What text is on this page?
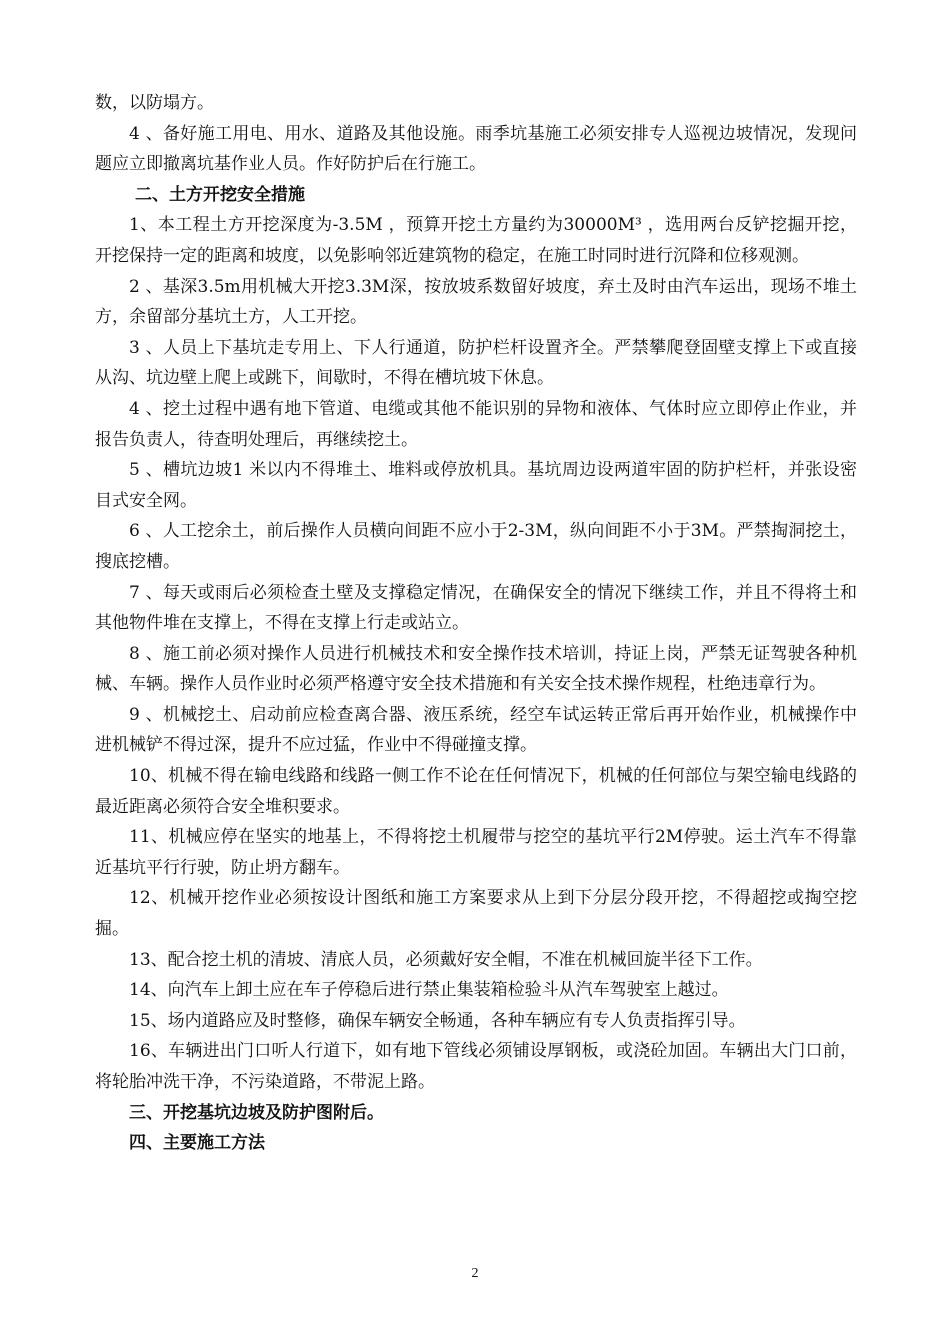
数，以防塌方。

4 、备好施工用电、用水、道路及其他设施。雨季坑基施工必须安排专人巡视边坡情况，发现问题应立即撤离坑基作业人员。作好防护后在行施工。

二、土方开挖安全措施

1、本工程土方开挖深度为-3.5M ，预算开挖土方量约为30000M³ ，选用两台反铲挖掘开挖，开挖保持一定的距离和坡度，以免影响邻近建筑物的稳定，在施工时同时进行沉降和位移观测。

2 、基深3.5m用机械大开挖3.3M深，按放坡系数留好坡度，弃土及时由汽车运出，现场不堆土方，余留部分基坑土方，人工开挖。

3 、人员上下基坑走专用上、下人行通道，防护栏杆设置齐全。严禁攀爬登固壁支撑上下或直接从沟、坑边壁上爬上或跳下，间歇时，不得在槽坑坡下休息。

4 、挖土过程中遇有地下管道、电缆或其他不能识别的异物和液体、气体时应立即停止作业，并报告负责人，待查明处理后，再继续挖土。

5 、槽坑边坡1 米以内不得堆土、堆料或停放机具。基坑周边设两道牢固的防护栏杆，并张设密目式安全网。

6 、人工挖余土，前后操作人员横向间距不应小于2-3M，纵向间距不小于3M。严禁掏洞挖土，搜底挖槽。

7 、每天或雨后必须检查土壁及支撑稳定情况，在确保安全的情况下继续工作，并且不得将土和其他物件堆在支撑上，不得在支撑上行走或站立。

8 、施工前必须对操作人员进行机械技术和安全操作技术培训，持证上岗，严禁无证驾驶各种机械、车辆。操作人员作业时必须严格遵守安全技术措施和有关安全技术操作规程，杜绝违章行为。

9 、机械挖土、启动前应检查离合器、液压系统，经空车试运转正常后再开始作业，机械操作中进机械铲不得过深，提升不应过猛，作业中不得碰撞支撑。

10、机械不得在输电线路和线路一侧工作不论在任何情况下，机械的任何部位与架空输电线路的最近距离必须符合安全堆积要求。

11、机械应停在坚实的地基上，不得将挖土机履带与挖空的基坑平行2M停驶。运土汽车不得靠近基坑平行行驶，防止坍方翻车。

12、机械开挖作业必须按设计图纸和施工方案要求从上到下分层分段开挖，不得超挖或掏空挖掘。

13、配合挖土机的清坡、清底人员，必须戴好安全帽，不准在机械回旋半径下工作。

14、向汽车上卸土应在车子停稳后进行禁止集装箱检验斗从汽车驾驶室上越过。

15、场内道路应及时整修，确保车辆安全畅通，各种车辆应有专人负责指挥引导。

16、车辆进出门口听人行道下，如有地下管线必须铺设厚钢板，或浇砼加固。车辆出大门口前，将轮胎冲洗干净，不污染道路，不带泥上路。

三、开挖基坑边坡及防护图附后。

四、主要施工方法

2
